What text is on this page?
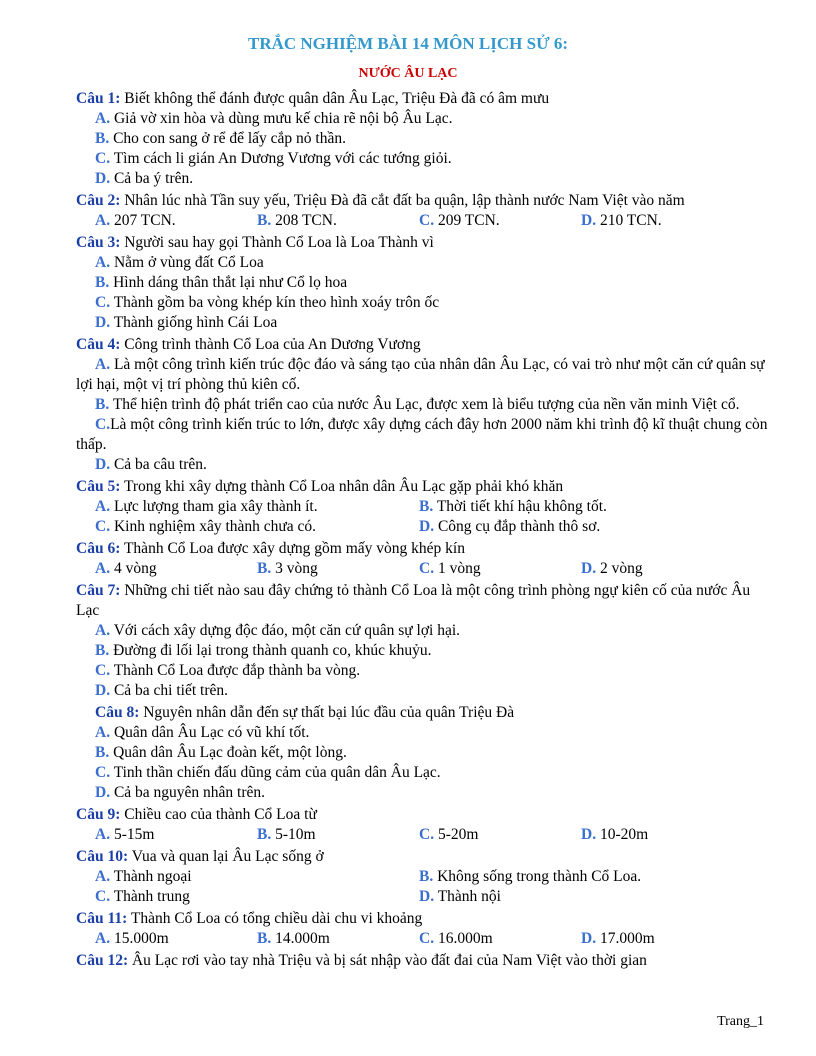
TRẮC NGHIỆM BÀI 14 MÔN LỊCH SỬ 6:
NƯỚC ÂU LẠC
Câu 1: Biết không thể đánh được quân dân Âu Lạc, Triệu Đà đã có âm mưu
A. Giả vờ xin hòa và dùng mưu kế chia rẽ nội bộ Âu Lạc.
B. Cho con sang ở rể để lấy cắp nỏ thần.
C. Tìm cách li gián An Dương Vương với các tướng giỏi.
D. Cả ba ý trên.
Câu 2: Nhân lúc nhà Tần suy yếu, Triệu Đà đã cắt đất ba quận, lập thành nước Nam Việt vào năm
A. 207 TCN.	B. 208 TCN.	C. 209 TCN.	D. 210 TCN.
Câu 3: Người sau hay gọi Thành Cổ Loa là Loa Thành vì
A. Nằm ở vùng đất Cổ Loa
B. Hình dáng thân thắt lại như Cổ lọ hoa
C. Thành gồm ba vòng khép kín theo hình xoáy trôn ốc
D. Thành giống hình Cái Loa
Câu 4: Công trình thành Cổ Loa của An Dương Vương
A. Là một công trình kiến trúc độc đáo và sáng tạo của nhân dân Âu Lạc, có vai trò như một căn cứ quân sự lợi hại, một vị trí phòng thủ kiên cố.
B. Thể hiện trình độ phát triển cao của nước Âu Lạc, được xem là biểu tượng của nền văn minh Việt cổ.
C.Là một công trình kiến trúc to lớn, được xây dựng cách đây hơn 2000 năm khi trình độ kĩ thuật chung còn thấp.
D. Cả ba câu trên.
Câu 5: Trong khi xây dựng thành Cổ Loa nhân dân Âu Lạc gặp phải khó khăn
A. Lực lượng tham gia xây thành ít.	B. Thời tiết khí hậu không tốt.
C. Kinh nghiệm xây thành chưa có.	D. Công cụ đắp thành thô sơ.
Câu 6: Thành Cổ Loa được xây dựng gồm mấy vòng khép kín
A. 4 vòng	B. 3 vòng	C. 1 vòng	D. 2 vòng
Câu 7: Những chi tiết nào sau đây chứng tỏ thành Cổ Loa là một công trình phòng ngự kiên cố của nước Âu Lạc
A. Với cách xây dựng độc đáo, một căn cứ quân sự lợi hại.
B. Đường đi lối lại trong thành quanh co, khúc khuỷu.
C. Thành Cổ Loa được đắp thành ba vòng.
D. Cả ba chi tiết trên.
Câu 8: Nguyên nhân dẫn đến sự thất bại lúc đầu của quân Triệu Đà
A. Quân dân Âu Lạc có vũ khí tốt.
B. Quân dân Âu Lạc đoàn kết, một lòng.
C. Tinh thần chiến đấu dũng cảm của quân dân Âu Lạc.
D. Cả ba nguyên nhân trên.
Câu 9: Chiều cao của thành Cổ Loa từ
A. 5-15m	B. 5-10m	C. 5-20m	D. 10-20m
Câu 10: Vua và quan lại Âu Lạc sống ở
A. Thành ngoại	B. Không sống trong thành Cổ Loa.
C. Thành trung	D. Thành nội
Câu 11: Thành Cổ Loa có tổng chiều dài chu vi khoảng
A. 15.000m	B. 14.000m	C. 16.000m	D. 17.000m
Câu 12: Âu Lạc rơi vào tay nhà Triệu và bị sát nhập vào đất đai của Nam Việt vào thời gian
Trang_1
